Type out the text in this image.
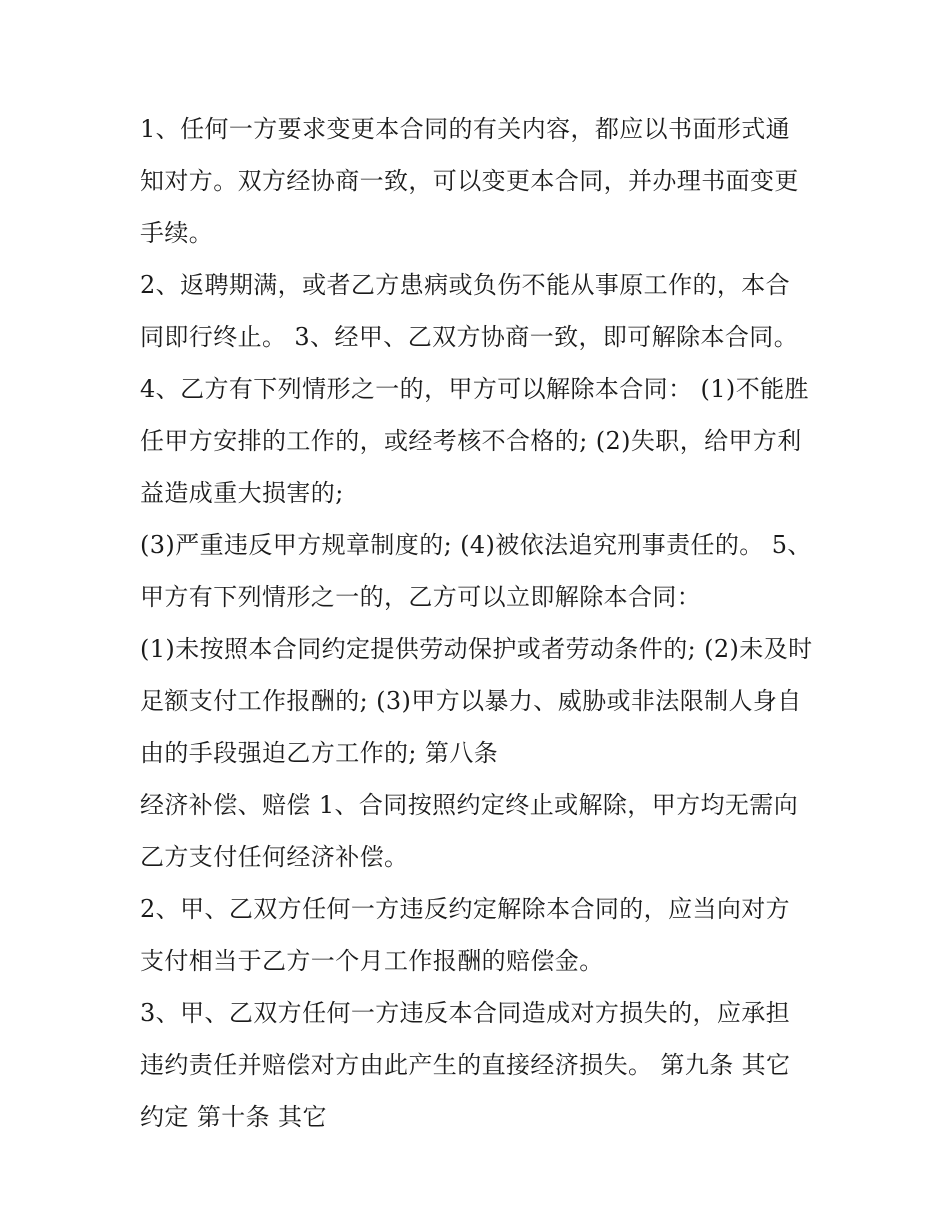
1、任何一方要求变更本合同的有关内容，都应以书面形式通
知对方。双方经协商一致，可以变更本合同，并办理书面变更
手续。
2、返聘期满，或者乙方患病或负伤不能从事原工作的，本合
同即行终止。 3、经甲、乙双方协商一致，即可解除本合同。
4、乙方有下列情形之一的，甲方可以解除本合同： (1)不能胜
任甲方安排的工作的，或经考核不合格的; (2)失职，给甲方利
益造成重大损害的;
(3)严重违反甲方规章制度的; (4)被依法追究刑事责任的。 5、
甲方有下列情形之一的，乙方可以立即解除本合同：
(1)未按照本合同约定提供劳动保护或者劳动条件的; (2)未及时
足额支付工作报酬的; (3)甲方以暴力、威胁或非法限制人身自
由的手段强迫乙方工作的; 第八条
经济补偿、赔偿 1、合同按照约定终止或解除，甲方均无需向
乙方支付任何经济补偿。
2、甲、乙双方任何一方违反约定解除本合同的，应当向对方
支付相当于乙方一个月工作报酬的赔偿金。
3、甲、乙双方任何一方违反本合同造成对方损失的，应承担
违约责任并赔偿对方由此产生的直接经济损失。 第九条 其它
约定 第十条 其它
